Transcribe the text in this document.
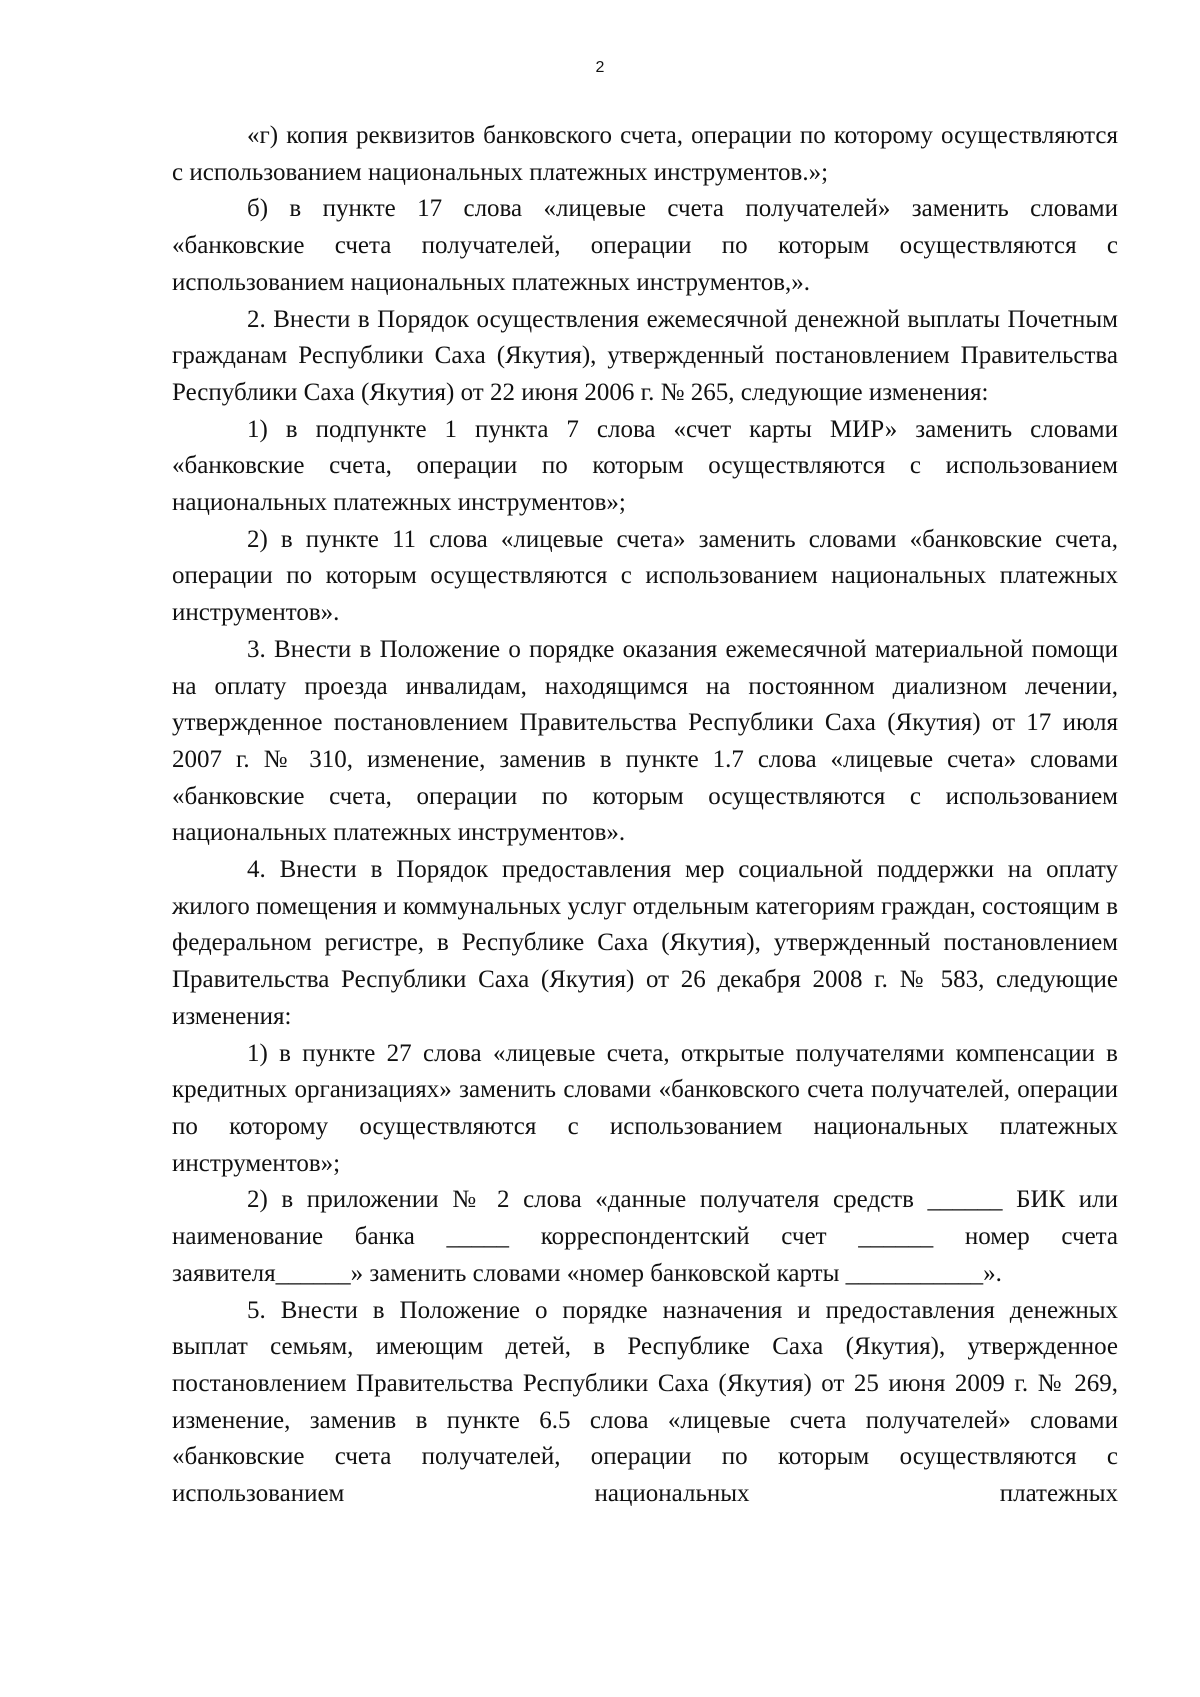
2

«г) копия реквизитов банковского счета, операции по которому осуществляются с использованием национальных платежных инструментов.»;

б) в пункте 17 слова «лицевые счета получателей» заменить словами «банковские счета получателей, операции по которым осуществляются с использованием национальных платежных инструментов,».

2. Внести в Порядок осуществления ежемесячной денежной выплаты Почетным гражданам Республики Саха (Якутия), утвержденный постановлением Правительства Республики Саха (Якутия) от 22 июня 2006 г. № 265, следующие изменения:

1) в подпункте 1 пункта 7 слова «счет карты МИР» заменить словами «банковские счета, операции по которым осуществляются с использованием национальных платежных инструментов»;

2) в пункте 11 слова «лицевые счета» заменить словами «банковские счета, операции по которым осуществляются с использованием национальных платежных инструментов».

3. Внести в Положение о порядке оказания ежемесячной материальной помощи на оплату проезда инвалидам, находящимся на постоянном диализном лечении, утвержденное постановлением Правительства Республики Саха (Якутия) от 17 июля 2007 г. № 310, изменение, заменив в пункте 1.7 слова «лицевые счета» словами «банковские счета, операции по которым осуществляются с использованием национальных платежных инструментов».

4. Внести в Порядок предоставления мер социальной поддержки на оплату жилого помещения и коммунальных услуг отдельным категориям граждан, состоящим в федеральном регистре, в Республике Саха (Якутия), утвержденный постановлением Правительства Республики Саха (Якутия) от 26 декабря 2008 г. № 583, следующие изменения:

1) в пункте 27 слова «лицевые счета, открытые получателями компенсации в кредитных организациях» заменить словами «банковского счета получателей, операции по которому осуществляются с использованием национальных платежных инструментов»;

2) в приложении № 2 слова «данные получателя средств ______ БИК или наименование банка _____ корреспондентский счет ______ номер счета заявителя______» заменить словами «номер банковской карты ___________».

5. Внести в Положение о порядке назначения и предоставления денежных выплат семьям, имеющим детей, в Республике Саха (Якутия), утвержденное постановлением Правительства Республики Саха (Якутия) от 25 июня 2009 г. № 269, изменение, заменив в пункте 6.5 слова «лицевые счета получателей» словами «банковские счета получателей, операции по которым осуществляются с использованием национальных платежных
